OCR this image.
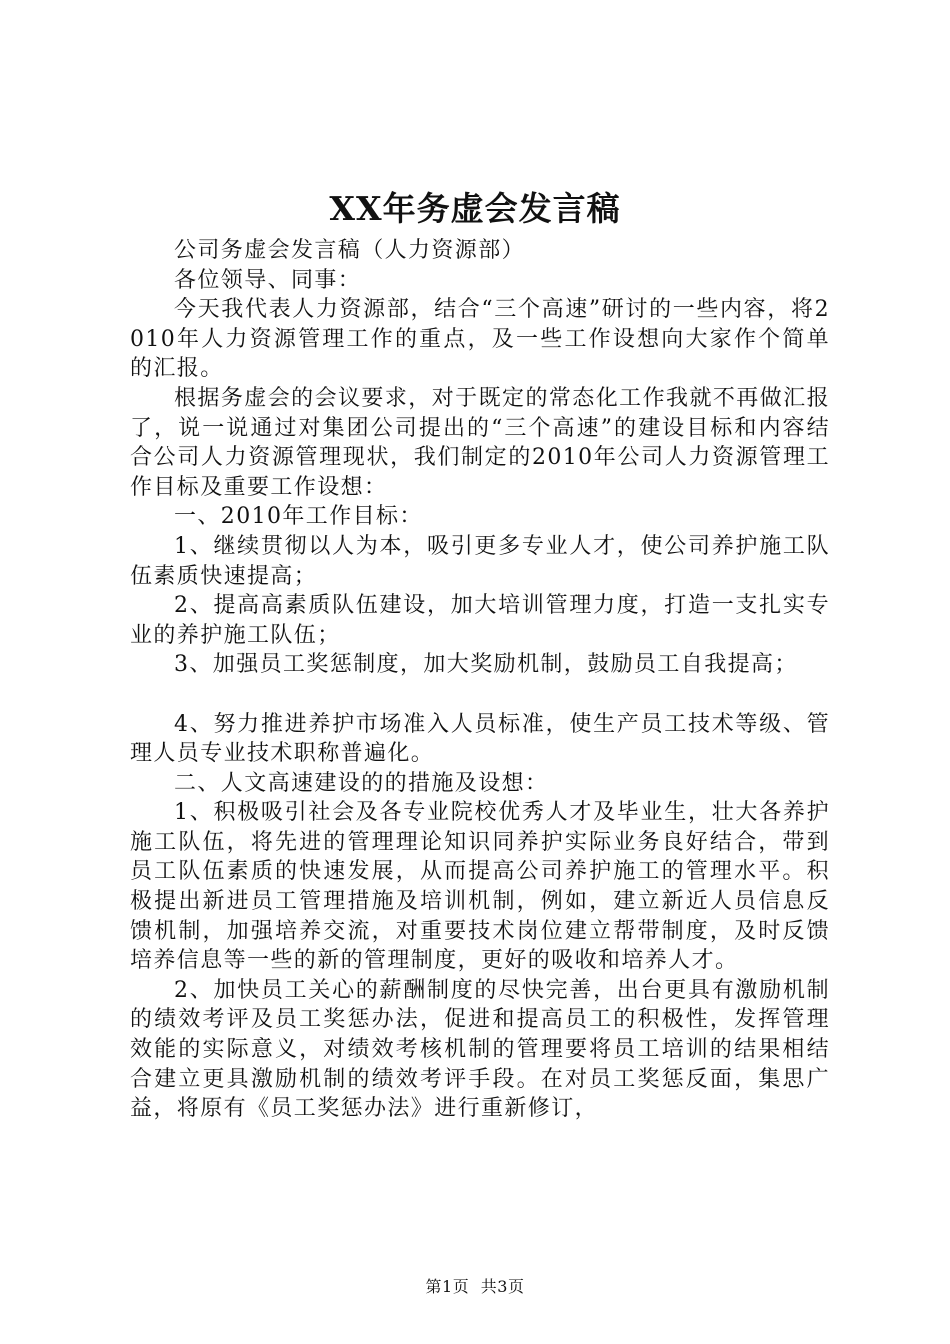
XX年务虚会发言稿

公司务虚会发言稿（人力资源部）

各位领导、同事：

今天我代表人力资源部，结合“三个高速”研讨的一些内容，将2010年人力资源管理工作的重点，及一些工作设想向大家作个简单的汇报。

根据务虚会的会议要求，对于既定的常态化工作我就不再做汇报了，说一说通过对集团公司提出的“三个高速”的建设目标和内容结合公司人力资源管理现状，我们制定的2010年公司人力资源管理工作目标及重要工作设想：

一、2010年工作目标：

1、继续贯彻以人为本，吸引更多专业人才，使公司养护施工队伍素质快速提高；

2、提高高素质队伍建设，加大培训管理力度，打造一支扎实专业的养护施工队伍；

3、加强员工奖惩制度，加大奖励机制，鼓励员工自我提高；

4、努力推进养护市场准入人员标准，使生产员工技术等级、管理人员专业技术职称普遍化。

二、人文高速建设的的措施及设想：

1、积极吸引社会及各专业院校优秀人才及毕业生，壮大各养护施工队伍，将先进的管理理论知识同养护实际业务良好结合，带到员工队伍素质的快速发展，从而提高公司养护施工的管理水平。积极提出新进员工管理措施及培训机制，例如，建立新近人员信息反馈机制，加强培养交流，对重要技术岗位建立帮带制度，及时反馈培养信息等一些的新的管理制度，更好的吸收和培养人才。

2、加快员工关心的薪酬制度的尽快完善，出台更具有激励机制的绩效考评及员工奖惩办法，促进和提高员工的积极性，发挥管理效能的实际意义，对绩效考核机制的管理要将员工培训的结果相结合建立更具激励机制的绩效考评手段。在对员工奖惩反面，集思广益，将原有《员工奖惩办法》进行重新修订，

第1页 共3页
